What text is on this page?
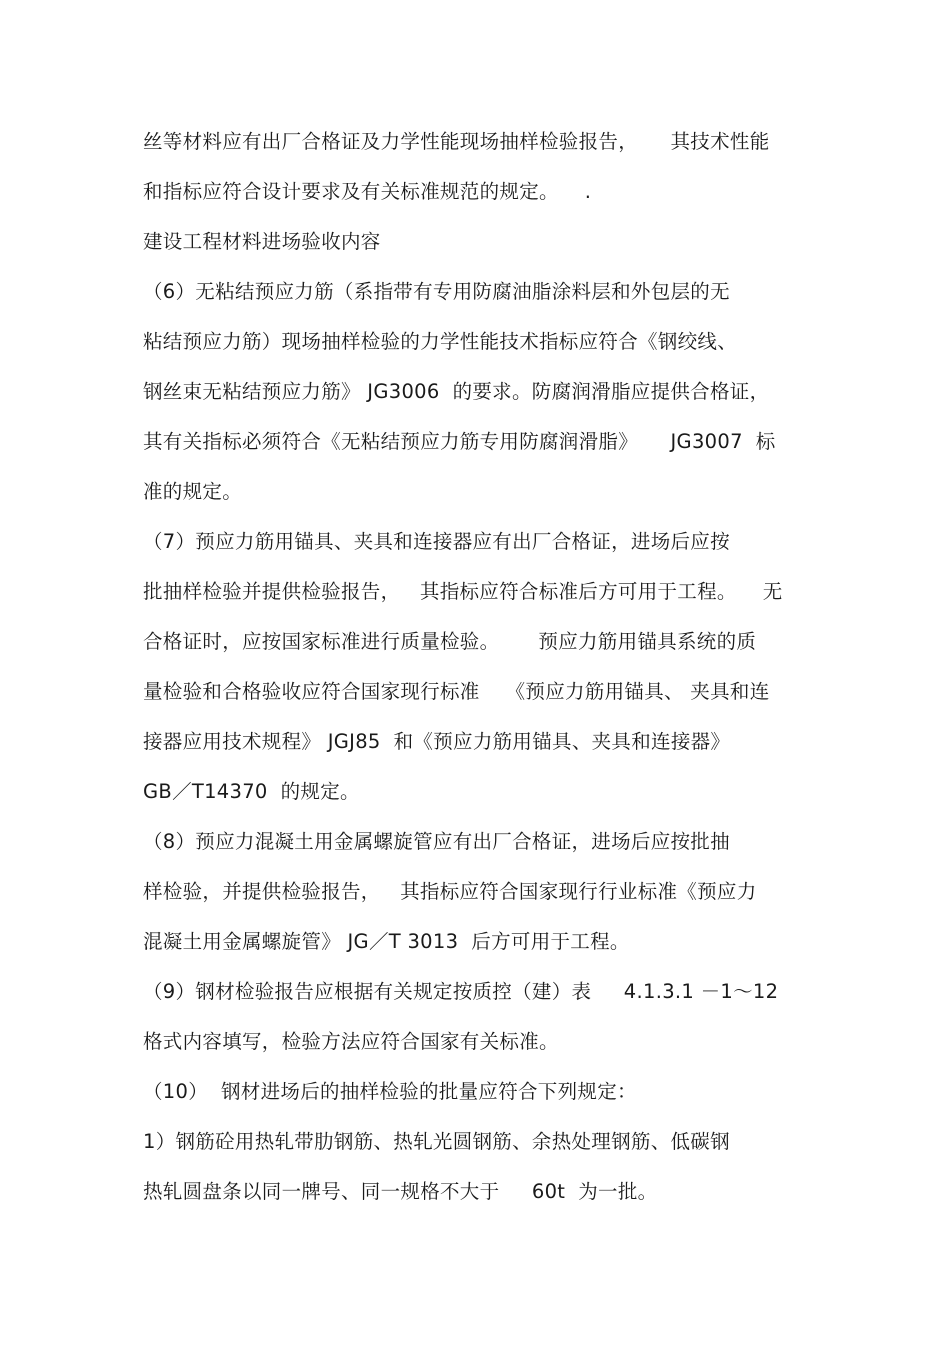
丝等材料应有出厂合格证及力学性能现场抽样检验报告，     其技术性能
和指标应符合设计要求及有关标准规范的规定。    .
建设工程材料进场验收内容
（6）无粘结预应力筋（系指带有专用防腐油脂涂料层和外包层的无
粘结预应力筋）现场抽样检验的力学性能技术指标应符合《钢绞线、
钢丝束无粘结预应力筋》 JG3006  的要求。防腐润滑脂应提供合格证，
其有关指标必须符合《无粘结预应力筋专用防腐润滑脂》     JG3007  标
准的规定。
（7）预应力筋用锚具、夹具和连接器应有出厂合格证，进场后应按
批抽样检验并提供检验报告，   其指标应符合标准后方可用于工程。    无
合格证时，应按国家标准进行质量检验。      预应力筋用锚具系统的质
量检验和合格验收应符合国家现行标准    《预应力筋用锚具、 夹具和连
接器应用技术规程》 JGJ85  和《预应力筋用锚具、夹具和连接器》
GB／T14370  的规定。
（8）预应力混凝土用金属螺旋管应有出厂合格证，进场后应按批抽
样检验，并提供检验报告，   其指标应符合国家现行行业标准《预应力
混凝土用金属螺旋管》 JG／T 3013  后方可用于工程。
（9）钢材检验报告应根据有关规定按质控（建）表     4.1.3.1 －1～12
格式内容填写，检验方法应符合国家有关标准。
（10）  钢材进场后的抽样检验的批量应符合下列规定：
1）钢筋砼用热轧带肋钢筋、热轧光圆钢筋、余热处理钢筋、低碳钢
热轧圆盘条以同一牌号、同一规格不大于     60t  为一批。
